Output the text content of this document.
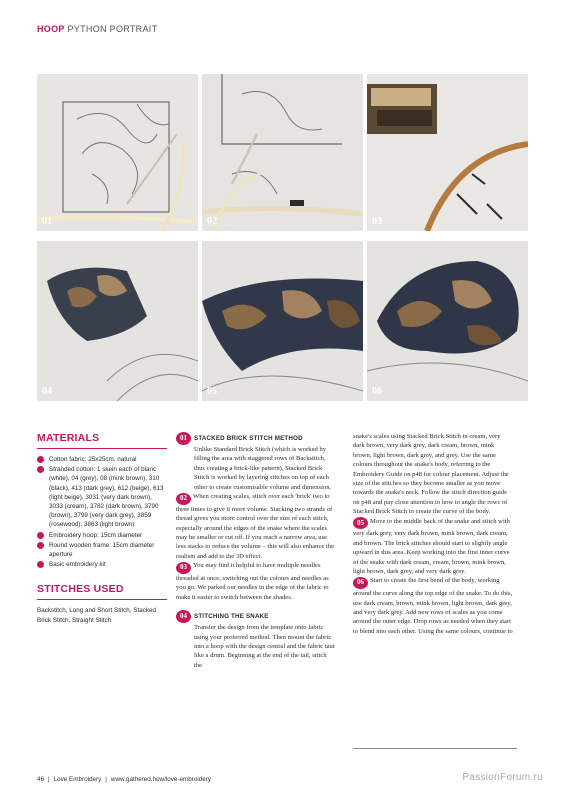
HOOP PYTHON PORTRAIT
01	02	03
04	05	06
MATERIALS
Cotton fabric: 25x25cm, natural
Stranded cotton: 1 skein each of blanc (white), 04 (grey), 08 (mink brown), 310 (black), 413 (dark grey), 612 (beige), 613 (light beige), 3031 (very dark brown), 3033 (cream), 3782 (dark brown), 3790 (brown), 3799 (very dark grey), 3859 (rosewood), 3863 (light brown)
Embroidery hoop: 15cm diameter
Round wooden frame: 15cm diameter aperture
Basic embroidery kit
STITCHES USED
Backstitch, Long and Short Stitch, Stacked Brick Stitch, Straight Stitch
01	STACKED BRICK STITCH METHOD

Unlike Standard Brick Stitch (which is worked by filling the area with staggered rows of Backstitch, thus creating a brick-like pattern), Stacked Brick Stitch is worked by layering stitches on top of each other to create customisable volume and dimension.

02 When creating scales, stitch over each 'brick' two to three times to give it more volume. Stacking two strands of thread gives you more control over the size of each stitch, especially around the edges of the snake where the scales may be smaller or cut off. If you reach a narrow area, use less stacks to reduce the volume – this will also enhance the realism and add to the 3D effect.

03 You may find it helpful to have multiple needles threaded at once, switching out the colours and needles as you go. We parked our needles in the edge of the fabric to make it easier to switch between the shades.

04	STITCHING THE SNAKE

Transfer the design from the template onto fabric using your preferred method. Then mount the fabric into a hoop with the design central and the fabric taut like a drum. Beginning at the end of the tail, stitch the

snake's scales using Stacked Brick Stitch in cream, very dark brown, very dark grey, dark cream, brown, mink brown, light brown, dark grey, and grey. Use the same colours throughout the snake's body, referring to the Embroidery Guide on p48 for colour placement. Adjust the size of the stitches so they become smaller as you move towards the snake's neck. Follow the stitch direction guide on p48 and pay close attention to how to angle the rows of Stacked Brick Stitch to create the curve of the body.

05 Move to the middle back of the snake and stitch with very dark grey, very dark brown, mink brown, dark cream, and brown. The brick stitches should start to slightly angle upward in this area. Keep working into the first inner curve of the snake with dark cream, cream, brown, mink brown, light brown, dark grey, and very dark grey.

06 Start to create the first bend of the body, working around the curve along the top edge of the snake. To do this, use dark cream, brown, mink brown, light brown, dark grey, and very dark grey. Add new rows of scales as you come around the outer edge. Drop rows as needed when they start to blend into each other. Using the same colours, continue to

46 | Love Embroidery | www.gathered.how/love-embroidery	PassionForum.ru
